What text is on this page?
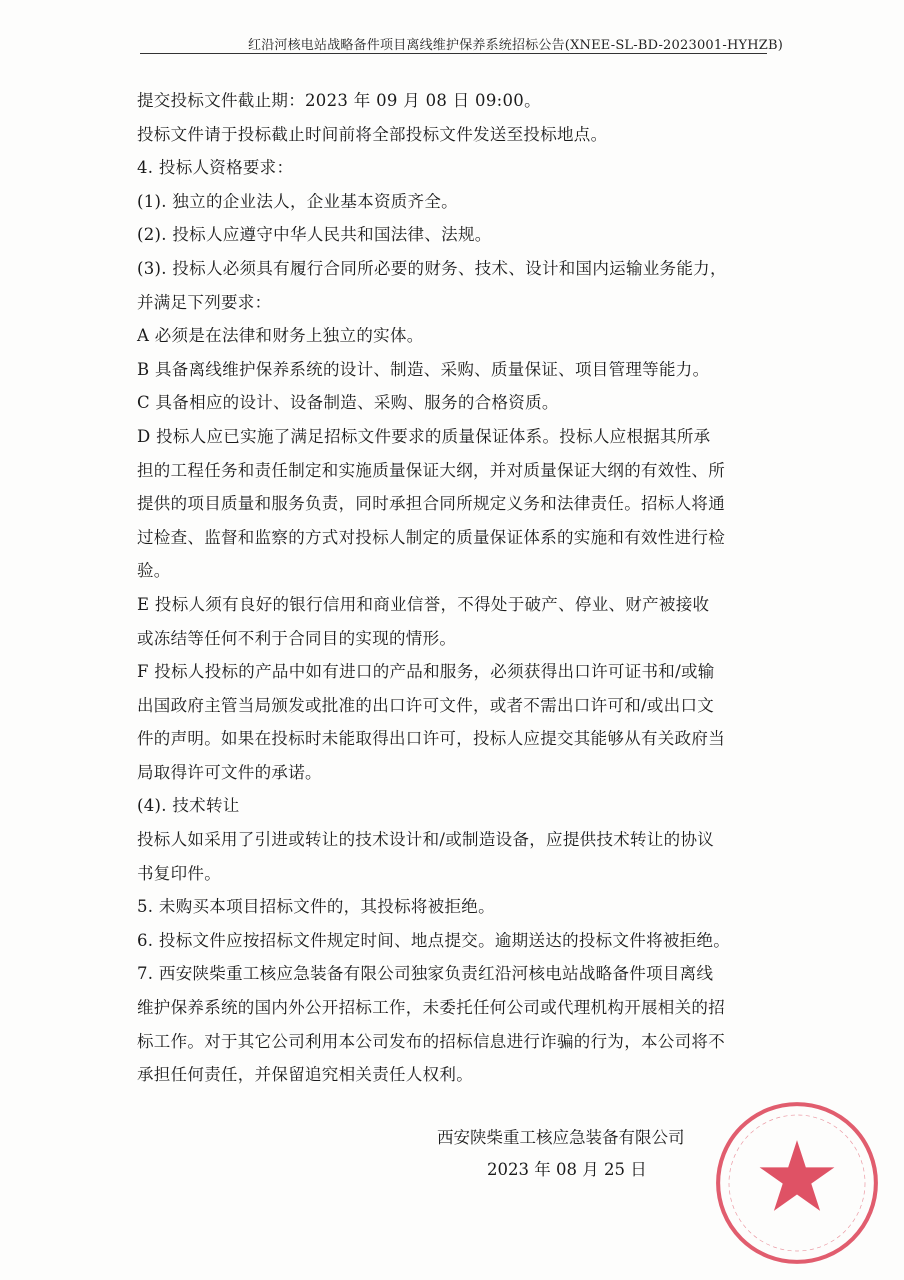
红沿河核电站战略备件项目离线维护保养系统招标公告(XNEE-SL-BD-2023001-HYHZB)
提交投标文件截止期：2023 年 09 月 08 日 09:00。
投标文件请于投标截止时间前将全部投标文件发送至投标地点。
4. 投标人资格要求：
(1). 独立的企业法人，企业基本资质齐全。
(2). 投标人应遵守中华人民共和国法律、法规。
(3). 投标人必须具有履行合同所必要的财务、技术、设计和国内运输业务能力，
并满足下列要求：
A 必须是在法律和财务上独立的实体。
B 具备离线维护保养系统的设计、制造、采购、质量保证、项目管理等能力。
C 具备相应的设计、设备制造、采购、服务的合格资质。
D 投标人应已实施了满足招标文件要求的质量保证体系。投标人应根据其所承
担的工程任务和责任制定和实施质量保证大纲，并对质量保证大纲的有效性、所
提供的项目质量和服务负责，同时承担合同所规定义务和法律责任。招标人将通
过检查、监督和监察的方式对投标人制定的质量保证体系的实施和有效性进行检
验。
E 投标人须有良好的银行信用和商业信誉，不得处于破产、停业、财产被接收
或冻结等任何不利于合同目的实现的情形。
F 投标人投标的产品中如有进口的产品和服务，必须获得出口许可证书和/或输
出国政府主管当局颁发或批准的出口许可文件，或者不需出口许可和/或出口文
件的声明。如果在投标时未能取得出口许可，投标人应提交其能够从有关政府当
局取得许可文件的承诺。
(4). 技术转让
投标人如采用了引进或转让的技术设计和/或制造设备，应提供技术转让的协议
书复印件。
5. 未购买本项目招标文件的，其投标将被拒绝。
6. 投标文件应按招标文件规定时间、地点提交。逾期送达的投标文件将被拒绝。
7. 西安陕柴重工核应急装备有限公司独家负责红沿河核电站战略备件项目离线
维护保养系统的国内外公开招标工作，未委托任何公司或代理机构开展相关的招
标工作。对于其它公司利用本公司发布的招标信息进行诈骗的行为，本公司将不
承担任何责任，并保留追究相关责任人权利。
西安陕柴重工核应急装备有限公司
2023 年 08 月 25 日
